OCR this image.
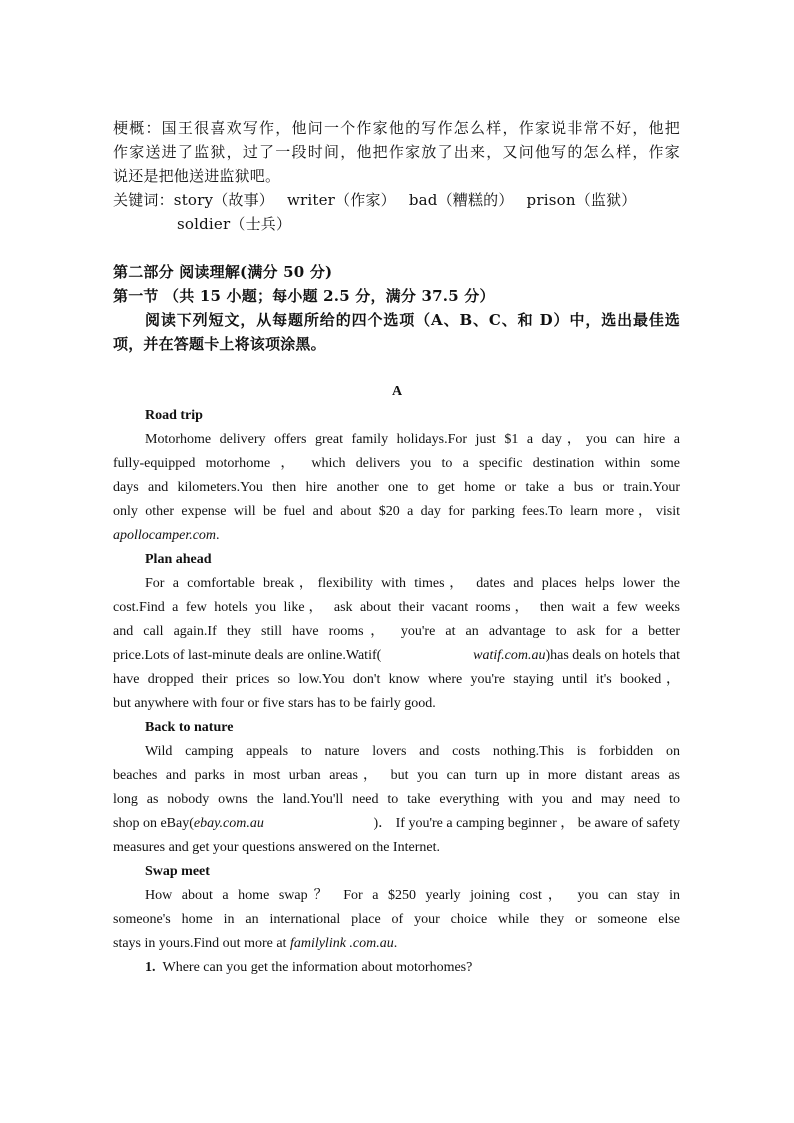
梗概：国王很喜欢写作，他问一个作家他的写作怎么样，作家说非常不好，他把
作家送进了监狱，过了一段时间，他把作家放了出来，又问他写的怎么样，作家
说还是把他送进监狱吧。
关键词：story（故事） writer（作家） bad（糟糕的） prison（监狱）
soldier（士兵）
第二部分 阅读理解(满分 50 分)
第一节 （共 15 小题；每小题 2.5 分，满分 37.5 分）
阅读下列短文，从每题所给的四个选项（A、B、C、和 D）中，选出最佳选
项，并在答题卡上将该项涂黑。
A
Road trip
Motorhome delivery offers great family holidays.For just $1 a day，you can hire a
fully-equipped motorhome ， which delivers you to a specific destination within some
days and kilometers.You then hire another one to get home or take a bus or train.Your
only other expense will be fuel and about $20 a day for parking fees.To learn more，visit
apollocamper.com.
Plan ahead
For a comfortable break，flexibility with times， dates and places helps lower the
cost.Find a few hotels you like， ask about their vacant rooms， then wait a few weeks
and call again.If they still have rooms， you're at an advantage to ask for a better
price.Lots of last-minute deals are online.Watif(	watif.com.au)has deals on hotels that
have dropped their prices so low.You don't know where you're staying until it's booked，
but anywhere with four or five stars has to be fairly good.
Back to nature
Wild camping appeals to nature lovers and costs nothing.This is forbidden on
beaches and parks in most urban areas， but you can turn up in more distant areas as
long as nobody owns the land.You'll need to take everything with you and may need to
shop on eBay(ebay.com.au	)． If you're a camping beginner ， be aware of safety
measures and get your questions answered on the Internet.
Swap meet
How about a home swap？ For a $250 yearly joining cost， you can stay in
someone's home in an international place of your choice while they or someone else
stays in yours.Find out more at familylink .com.au.
1. Where can you get the information about motorhomes?
